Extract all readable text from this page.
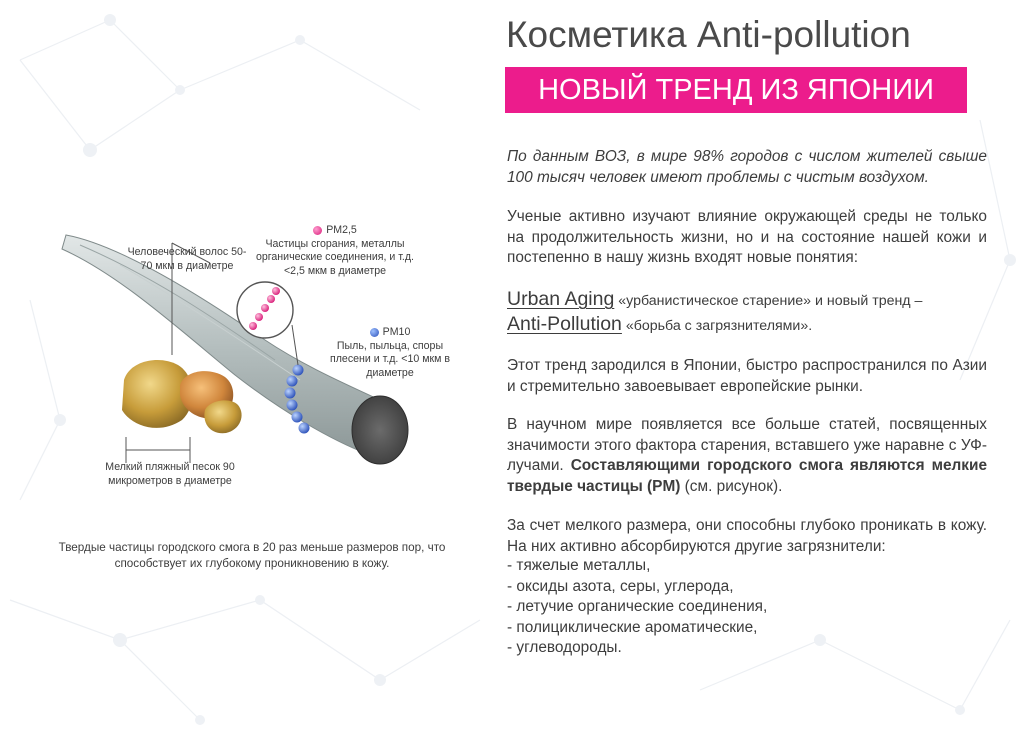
Косметика Anti-pollution
НОВЫЙ ТРЕНД ИЗ ЯПОНИИ
Человеческий волос 50-70 мкм в диаметре
PM2,5
Частицы сгорания, металлы органические соединения, и т.д. <2,5 мкм в диаметре
PM10
Пыль, пыльца, споры плесени и т.д. <10 мкм в диаметре
Мелкий пляжный песок 90 микрометров в диаметре
Твердые частицы городского смога в 20 раз меньше размеров пор, что способствует их глубокому проникновению в кожу.
По данным ВОЗ, в мире 98% городов с числом жителей свыше 100 тысяч человек имеют проблемы с чистым воздухом.
Ученые активно изучают влияние окружающей среды не только на продолжительность жизни, но и на состояние нашей кожи и постепенно в нашу жизнь входят новые понятия:
Urban Aging «урбанистическое старение» и новый тренд –
Anti-Pollution «борьба с загрязнителями».
Этот тренд зародился в Японии, быстро распространился по Азии и стремительно завоевывает европейские рынки.
В научном мире появляется все больше статей, посвященных значимости этого фактора старения, вставшего уже наравне с УФ-лучами. Составляющими городского смога являются мелкие твердые частицы (PM) (см. рисунок).
За счет мелкого размера, они способны глубоко проникать в кожу. На них активно абсорбируются другие загрязнители:
- тяжелые металлы,
- оксиды азота, серы, углерода,
- летучие органические соединения,
- полициклические ароматические,
- углеводороды.
